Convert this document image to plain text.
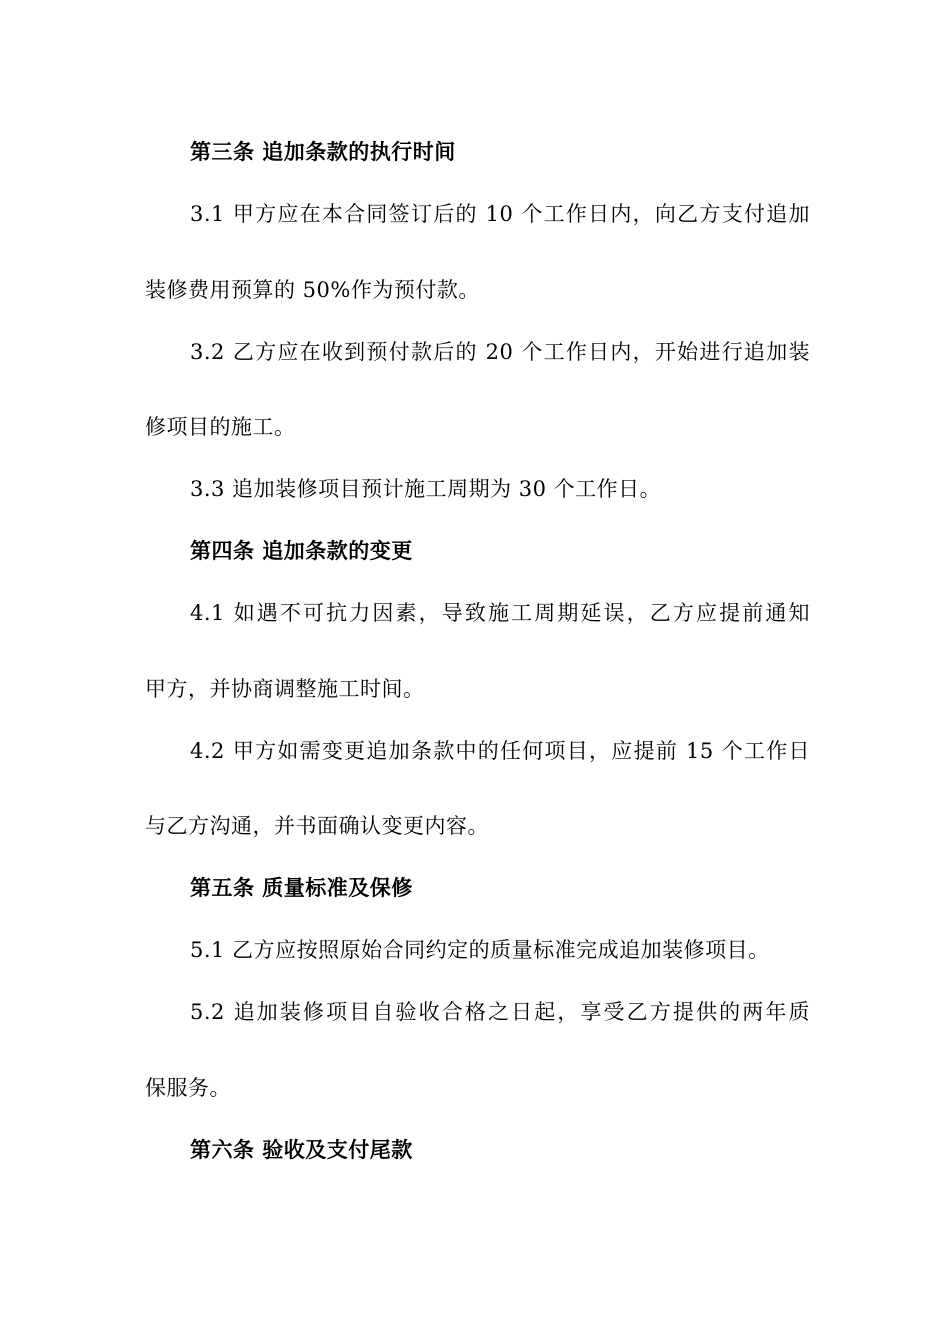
第三条 追加条款的执行时间
3.1 甲方应在本合同签订后的 10 个工作日内，向乙方支付追加
装修费用预算的 50%作为预付款。
3.2 乙方应在收到预付款后的 20 个工作日内，开始进行追加装
修项目的施工。
3.3 追加装修项目预计施工周期为 30 个工作日。
第四条 追加条款的变更
4.1 如遇不可抗力因素，导致施工周期延误，乙方应提前通知
甲方，并协商调整施工时间。
4.2 甲方如需变更追加条款中的任何项目，应提前 15 个工作日
与乙方沟通，并书面确认变更内容。
第五条 质量标准及保修
5.1 乙方应按照原始合同约定的质量标准完成追加装修项目。
5.2 追加装修项目自验收合格之日起，享受乙方提供的两年质
保服务。
第六条 验收及支付尾款
